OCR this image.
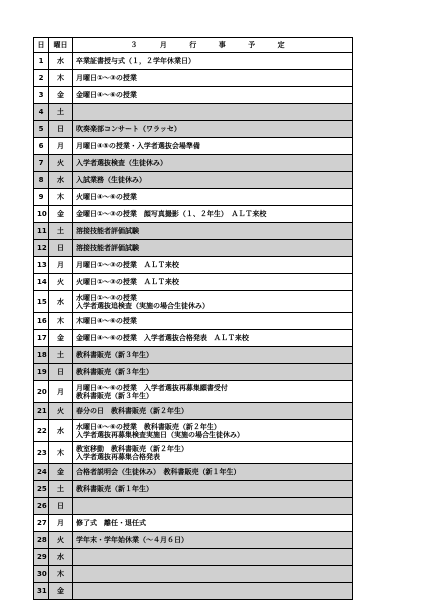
日	曜日	３ 月 行 事 予 定
1	水	卒業証書授与式（１，２学年休業日）
2	木	月曜日①～③の授業
3	金	金曜日④～⑥の授業
4	土	
5	日	吹奏楽部コンサート（ワラッセ）
6	月	月曜日④⑤の授業・入学者選抜会場準備
7	火	入学者選抜検査（生徒休み）
8	水	入試業務（生徒休み）
9	木	火曜日④～⑥の授業
10	金	金曜日①～③の授業　顔写真撮影（１、２年生）　ＡＬＴ来校
11	土	溶接技能者評価試験
12	日	溶接技能者評価試験
13	月	月曜日①～③の授業　ＡＬＴ来校
14	火	火曜日①～③の授業　ＡＬＴ来校
15	水	水曜日①～③の授業
入学者選抜追検査（実施の場合生徒休み）
16	木	木曜日④～⑥の授業
17	金	金曜日④～⑥の授業　入学者選抜合格発表　ＡＬＴ来校
18	土	教科書販売（新３年生）
19	日	教科書販売（新３年生）
20	月	月曜日④～⑥の授業　入学者選抜再募集願書受付
教科書販売（新３年生）
21	火	春分の日　教科書販売（新２年生）
22	水	水曜日④～⑥の授業　教科書販売（新２年生）
入学者選抜再募集検査実施日（実施の場合生徒休み）
23	木	教室移動　教科書販売（新２年生）
入学者選抜再募集合格発表
24	金	合格者説明会（生徒休み）　教科書販売（新１年生）
25	土	教科書販売（新１年生）
26	日	
27	月	修了式　離任・退任式
28	火	学年末・学年始休業（～４月６日）
29	水	
30	木	
31	金	
